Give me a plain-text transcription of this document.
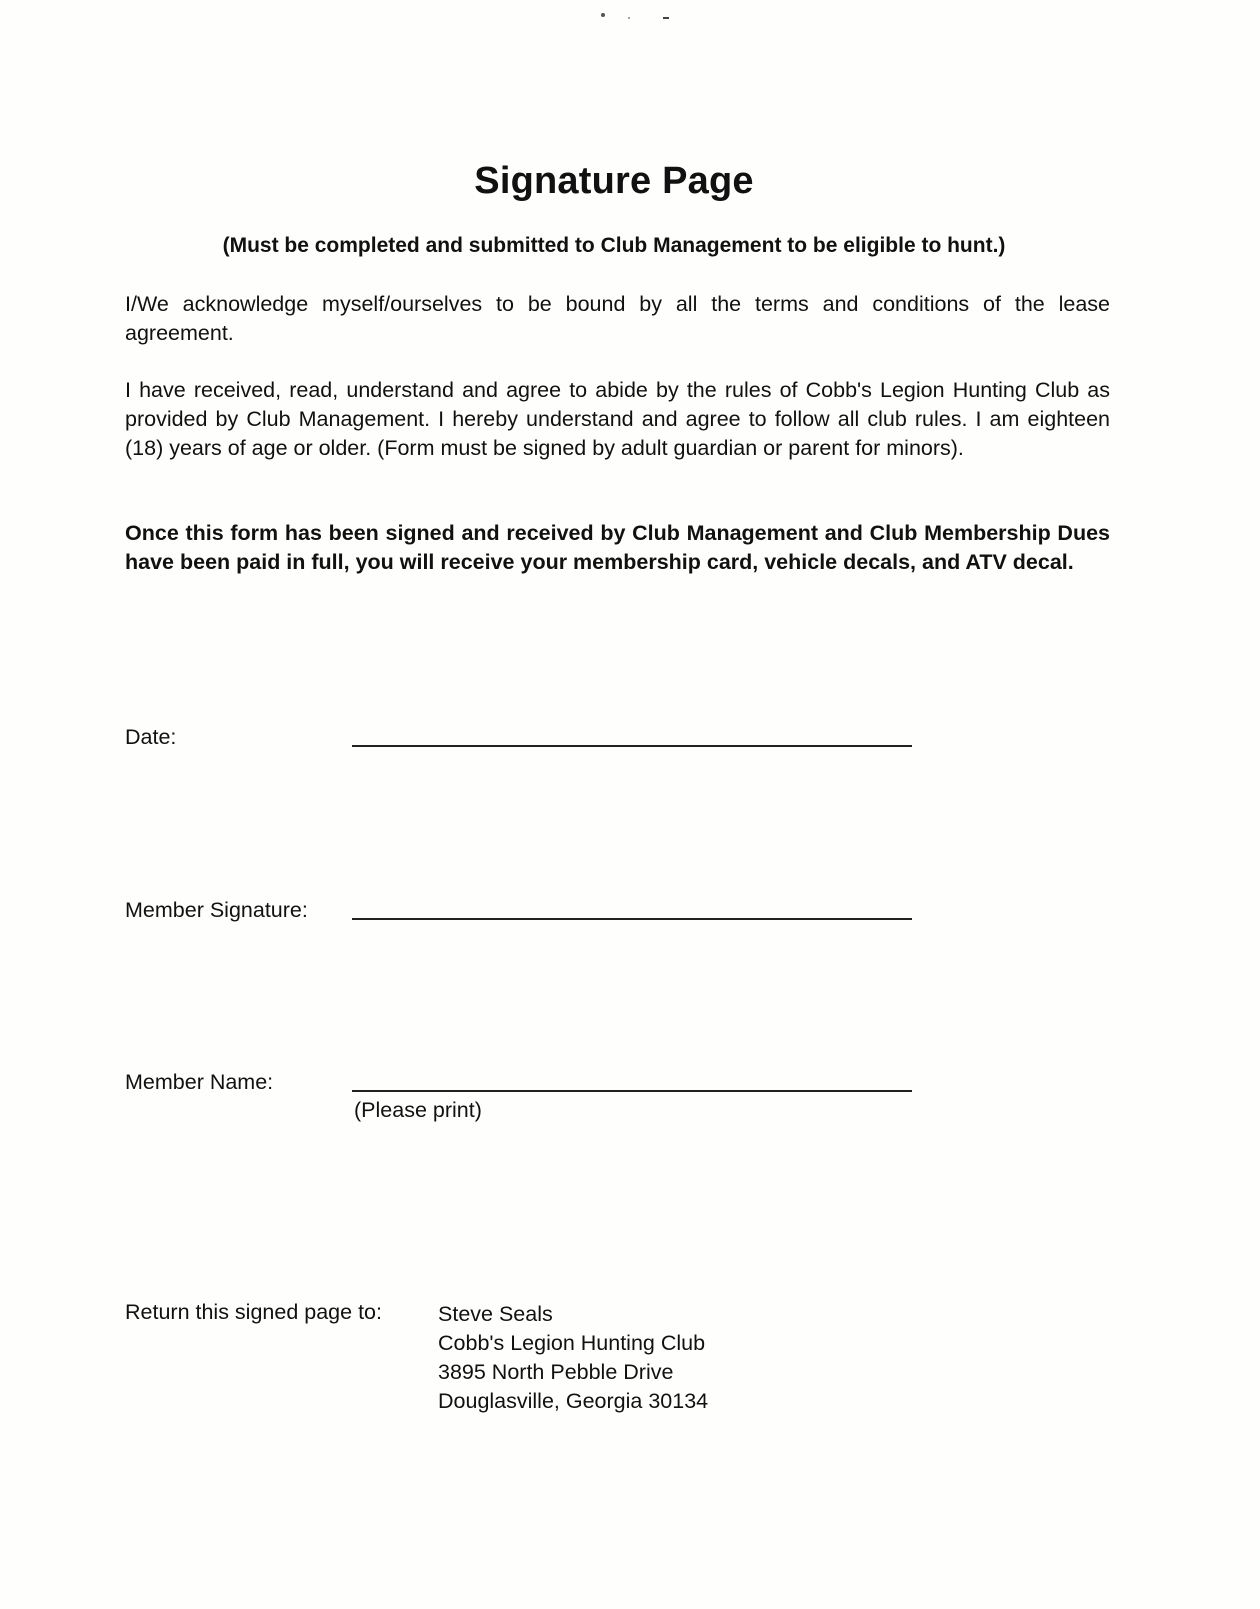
Signature Page
(Must be completed and submitted to Club Management to be eligible to hunt.)
I/We acknowledge myself/ourselves to be bound by all the terms and conditions of the lease agreement.
I have received, read, understand and agree to abide by the rules of Cobb's Legion Hunting Club as provided by Club Management. I hereby understand and agree to follow all club rules. I am eighteen (18) years of age or older. (Form must be signed by adult guardian or parent for minors).
Once this form has been signed and received by Club Management and Club Membership Dues have been paid in full, you will receive your membership card, vehicle decals, and ATV decal.
Date:
Member Signature:
Member Name:
(Please print)
Return this signed page to:	Steve Seals
Cobb's Legion Hunting Club
3895 North Pebble Drive
Douglasville, Georgia 30134
